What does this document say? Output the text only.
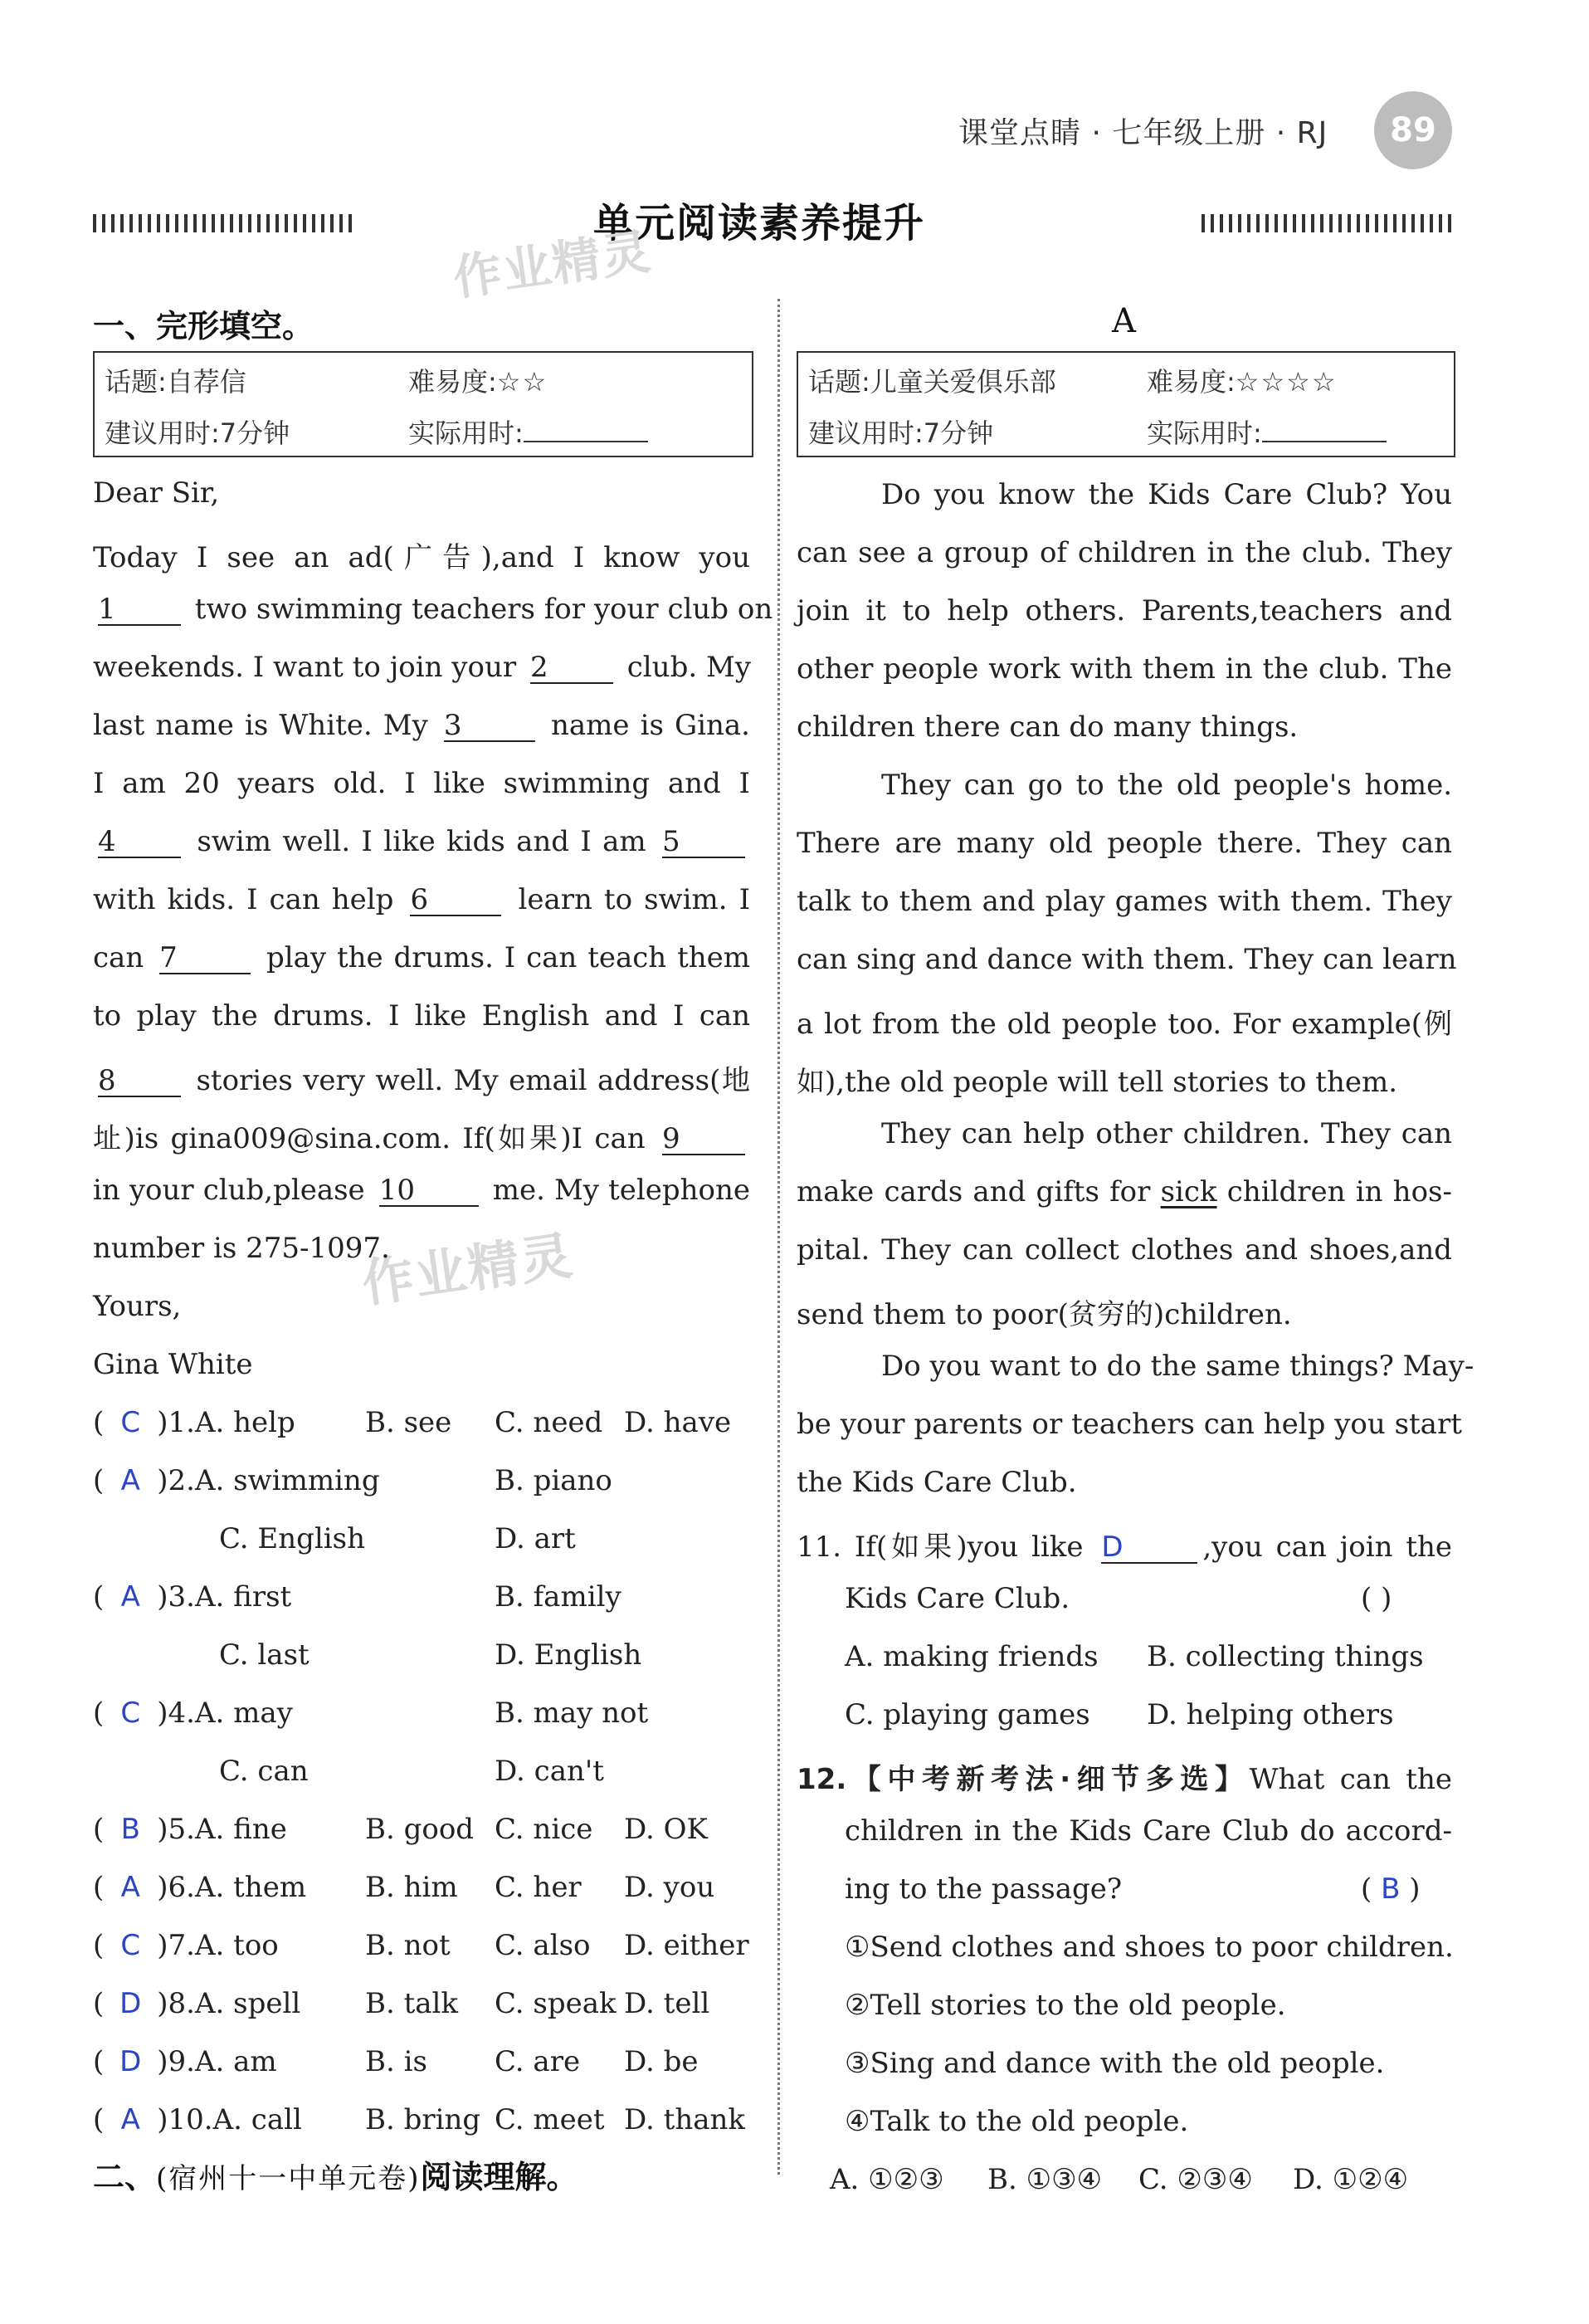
课堂点睛 · 七年级上册 · RJ	89
单元阅读素养提升
作业精灵
作业精灵
一、完形填空。
话题:自荐信	难易度:☆☆
建议用时:7分钟	实际用时:
Dear Sir,
Today I see an ad(广告),and I know you
1 two swimming teachers for your club on
weekends. I want to join your 2 club. My
last name is White. My 3	name is Gina.
I am 20 years old. I like swimming and I
4 swim well. I like kids and I am 5
with kids. I can help 6	learn to swim. I
can 7	play the drums. I can teach them
to play the drums. I like English and I can
8 stories very well. My email address(地
址)is gina009@sina.com. If(如果)I can 9
in your club,please 10 me. My telephone
number is 275-1097.
Yours,
Gina White
( C )1.A. help B. see C. need D. have
( A )2.A. swimming	B. piano
C. English	D. art
( A )3.A. first	B. family
C. last	D. English
( C )4.A. may	B. may not
C. can	D. can't
( B )5.A. fine	B. good C. nice D. OK
( A )6.A. them B. him C. her D. you
( C )7.A. too	B. not C. also D. either
( D )8.A. spell B. talk C. speak D. tell
( D )9.A. am	B. is C. are D. be
( A )10.A. call B. bring C. meet D. thank
二、(宿州十一中单元卷)阅读理解。
A
话题:儿童关爱俱乐部	难易度:☆☆☆☆
建议用时:7分钟	实际用时:
Do you know the Kids Care Club? You
can see a group of children in the club. They
join it to help others. Parents,teachers and
other people work with them in the club. The
children there can do many things.
They can go to the old people's home.
There are many old people there. They can
talk to them and play games with them. They
can sing and dance with them. They can learn
a lot from the old people too. For example(例
如),the old people will tell stories to them.
They can help other children. They can
make cards and gifts for sick children in hos-
pital. They can collect clothes and shoes,and
send them to poor(贫穷的)children.
Do you want to do the same things? May-
be your parents or teachers can help you start
the Kids Care Club.
11. If(如果)you like D	,you can join the
Kids Care Club.	( )
A. making friends B. collecting things
C. playing games D. helping others
12.【中考新考法·细节多选】What can the
children in the Kids Care Club do accord-
ing to the passage?	( B )
①Send clothes and shoes to poor children.
②Tell stories to the old people.
③Sing and dance with the old people.
④Talk to the old people.
A. ①②③ B. ①③④ C. ②③④ D. ①②④
